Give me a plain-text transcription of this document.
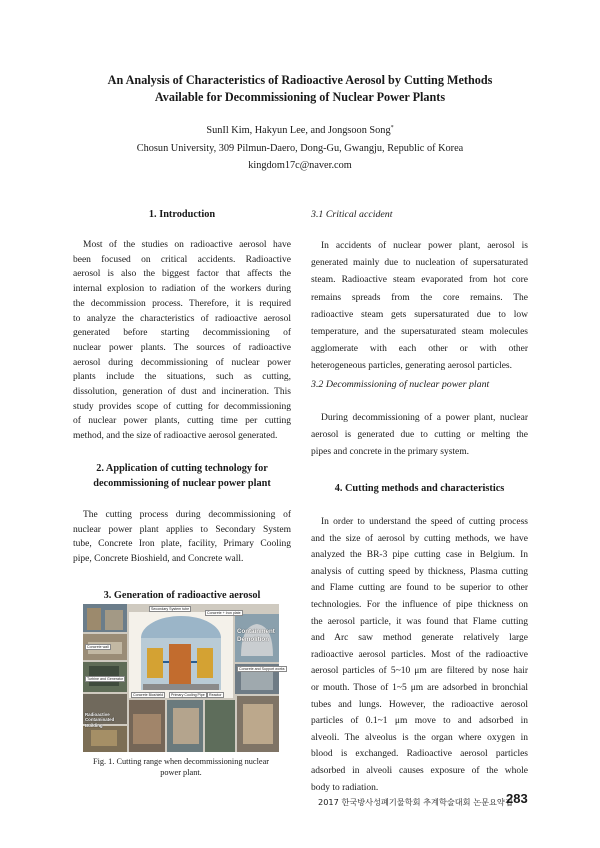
An Analysis of Characteristics of Radioactive Aerosol by Cutting Methods
Available for Decommissioning of Nuclear Power Plants
SunIl Kim, Hakyun Lee, and Jongsoon Song*
Chosun University, 309 Pilmun-Daero, Dong-Gu, Gwangju, Republic of Korea
kingdom17c@naver.com
1. Introduction

Most of the studies on radioactive aerosol have
been focused on critical accidents. Radioactive
aerosol is also the biggest factor that affects the
internal explosion to radiation of the workers during
the decommission process. Therefore, it is required
to analyze the characteristics of radioactive aerosol
generated before starting decommissioning of
nuclear power plants. The sources of radioactive
aerosol during decommissioning of nuclear power
plants include the situations, such as cutting,
dissolution, generation of dust and incineration. This
study provides scope of cutting for decommissioning
of nuclear power plants, cutting time per cutting
method, and the size of radioactive aerosol generated.

2. Application of cutting technology for
decommissioning of nuclear power plant

The cutting process during decommissioning of
nuclear power plant applies to Secondary System
tube, Concrete Iron plate, facility, Primary Cooling
pipe, Concrete Bioshield, and Concrete wall.

3. Generation of radioactive aerosol
Secondary System tube
Concrete + Iron plate
Containment
Demolition
Concrete wall
Concrete and Support works
Turbine and Generator
Concrete Bioshield	Primary Cooling Pipe	Reactor
Radioactive Contaminated Building
Fig. 1. Cutting range when decommissioning nuclear
power plant.
3.1 Critical accident

In accidents of nuclear power plant, aerosol is
generated mainly due to nucleation of supersaturated
steam. Radioactive steam evaporated from hot core
remains spreads from the core remains. The
radioactive steam gets supersaturated due to low
temperature, and the supersaturated steam molecules
agglomerate with each other or with other
heterogeneous particles, generating aerosol particles.

3.2 Decommissioning of nuclear power plant

During decommissioning of a power plant, nuclear
aerosol is generated due to cutting or melting the
pipes and concrete in the primary system.

4. Cutting methods and characteristics

In order to understand the speed of cutting process
and the size of aerosol by cutting methods, we have
analyzed the BR-3 pipe cutting case in Belgium. In
analysis of cutting speed by thickness, Plasma cutting
and Flame cutting are found to be superior to other
technologies. For the influence of pipe thickness on
the aerosol particle, it was found that Flame cutting
and Arc saw method generate relatively large
radioactive aerosol particles. Most of the radioactive
aerosol particles of 5~10 μm are filtered by nose hair
or mouth. Those of 1~5 μm are adsorbed in bronchial
tubes and lungs. However, the radioactive aerosol
particles of 0.1~1 μm move to and adsorbed in
alveoli. The alveolus is the organ where oxygen in
blood is exchanged. Radioactive aerosol particles
adsorbed in alveoli causes exposure of the whole
body to radiation.

2017 한국방사성폐기물학회 추계학술대회 논문요약집
283
